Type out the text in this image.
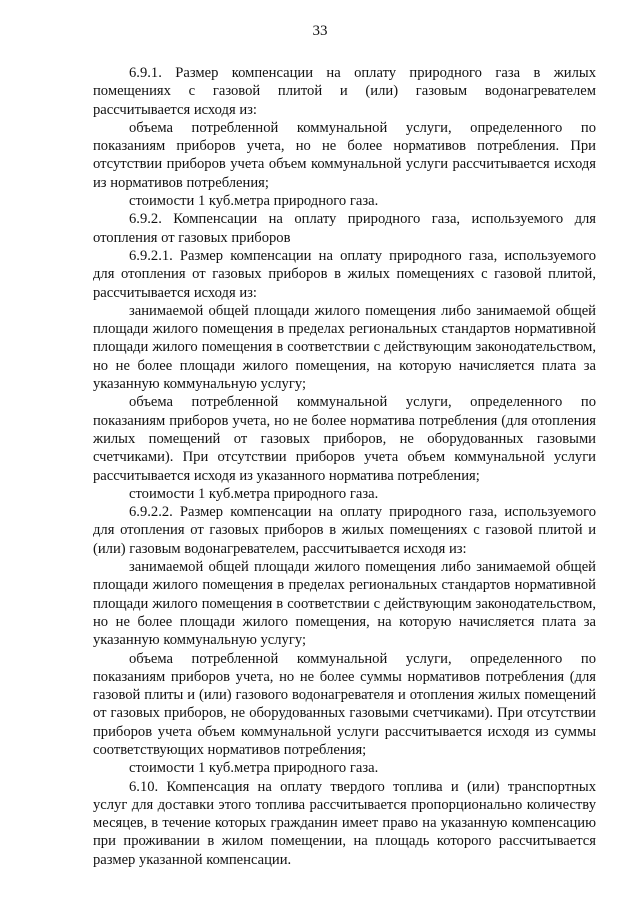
33

6.9.1. Размер компенсации на оплату природного газа в жилых помещениях с газовой плитой и (или) газовым водонагревателем рассчитывается исходя из:

объема потребленной коммунальной услуги, определенного по показаниям приборов учета, но не более нормативов потребления. При отсутствии приборов учета объем коммунальной услуги рассчитывается исходя из нормативов потребления;

стоимости 1 куб.метра природного газа.

6.9.2. Компенсации на оплату природного газа, используемого для отопления от газовых приборов

6.9.2.1. Размер компенсации на оплату природного газа, используемого для отопления от газовых приборов в жилых помещениях с газовой плитой, рассчитывается исходя из:

занимаемой общей площади жилого помещения либо занимаемой общей площади жилого помещения в пределах региональных стандартов нормативной площади жилого помещения в соответствии с действующим законодательством, но не более площади жилого помещения, на которую начисляется плата за указанную коммунальную услугу;

объема потребленной коммунальной услуги, определенного по показаниям приборов учета, но не более норматива потребления (для отопления жилых помещений от газовых приборов, не оборудованных газовыми счетчиками). При отсутствии приборов учета объем коммунальной услуги рассчитывается исходя из указанного норматива потребления;

стоимости 1 куб.метра природного газа.

6.9.2.2. Размер компенсации на оплату природного газа, используемого для отопления от газовых приборов в жилых помещениях с газовой плитой и (или) газовым водонагревателем, рассчитывается исходя из:

занимаемой общей площади жилого помещения либо занимаемой общей площади жилого помещения в пределах региональных стандартов нормативной площади жилого помещения в соответствии с действующим законодательством, но не более площади жилого помещения, на которую начисляется плата за указанную коммунальную услугу;

объема потребленной коммунальной услуги, определенного по показаниям приборов учета, но не более суммы нормативов потребления (для газовой плиты и (или) газового водонагревателя и отопления жилых помещений от газовых приборов, не оборудованных газовыми счетчиками). При отсутствии приборов учета объем коммунальной услуги рассчитывается исходя из суммы соответствующих нормативов потребления;

стоимости 1 куб.метра природного газа.

6.10. Компенсация на оплату твердого топлива и (или) транспортных услуг для доставки этого топлива рассчитывается пропорционально количеству месяцев, в течение которых гражданин имеет право на указанную компенсацию при проживании в жилом помещении, на площадь которого рассчитывается размер указанной компенсации.
